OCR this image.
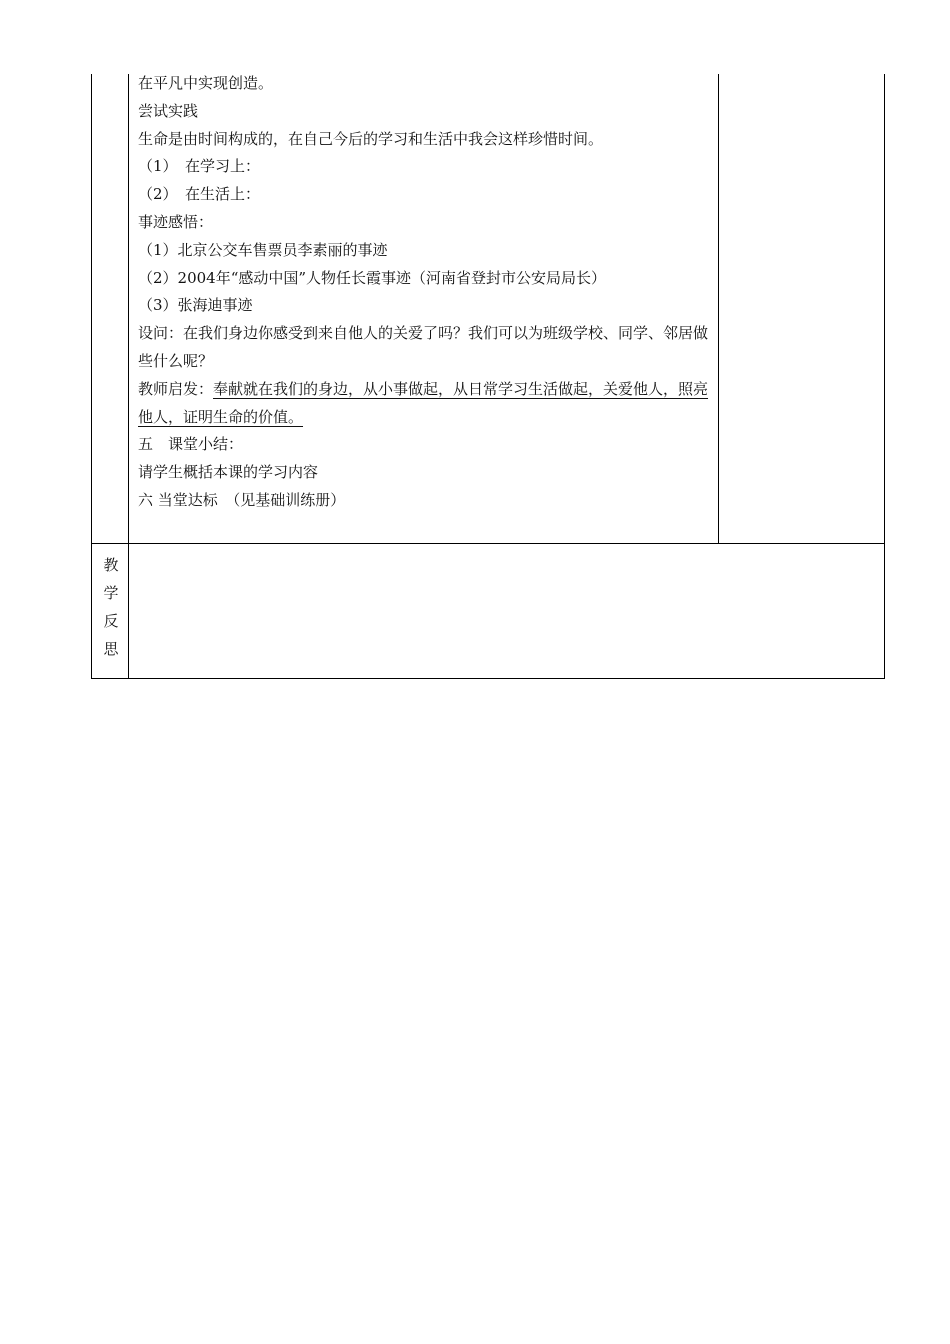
在平凡中实现创造。
尝试实践
生命是由时间构成的，在自己今后的学习和生活中我会这样珍惜时间。
（1）　在学习上：
（2）　在生活上：
事迹感悟：
（1）北京公交车售票员李素丽的事迹
（2）2004年“感动中国”人物任长霞事迹（河南省登封市公安局局长）
（3）张海迪事迹
设问：在我们身边你感受到来自他人的关爱了吗？我们可以为班级学校、同学、邻居做些什么呢？
教师启发：奉献就在我们的身边，从小事做起，从日常学习生活做起，关爱他人，照亮他人，证明生命的价值。
五　课堂小结：
请学生概括本课的学习内容
六 当堂达标　（见基础训练册）
教
学
反
思
